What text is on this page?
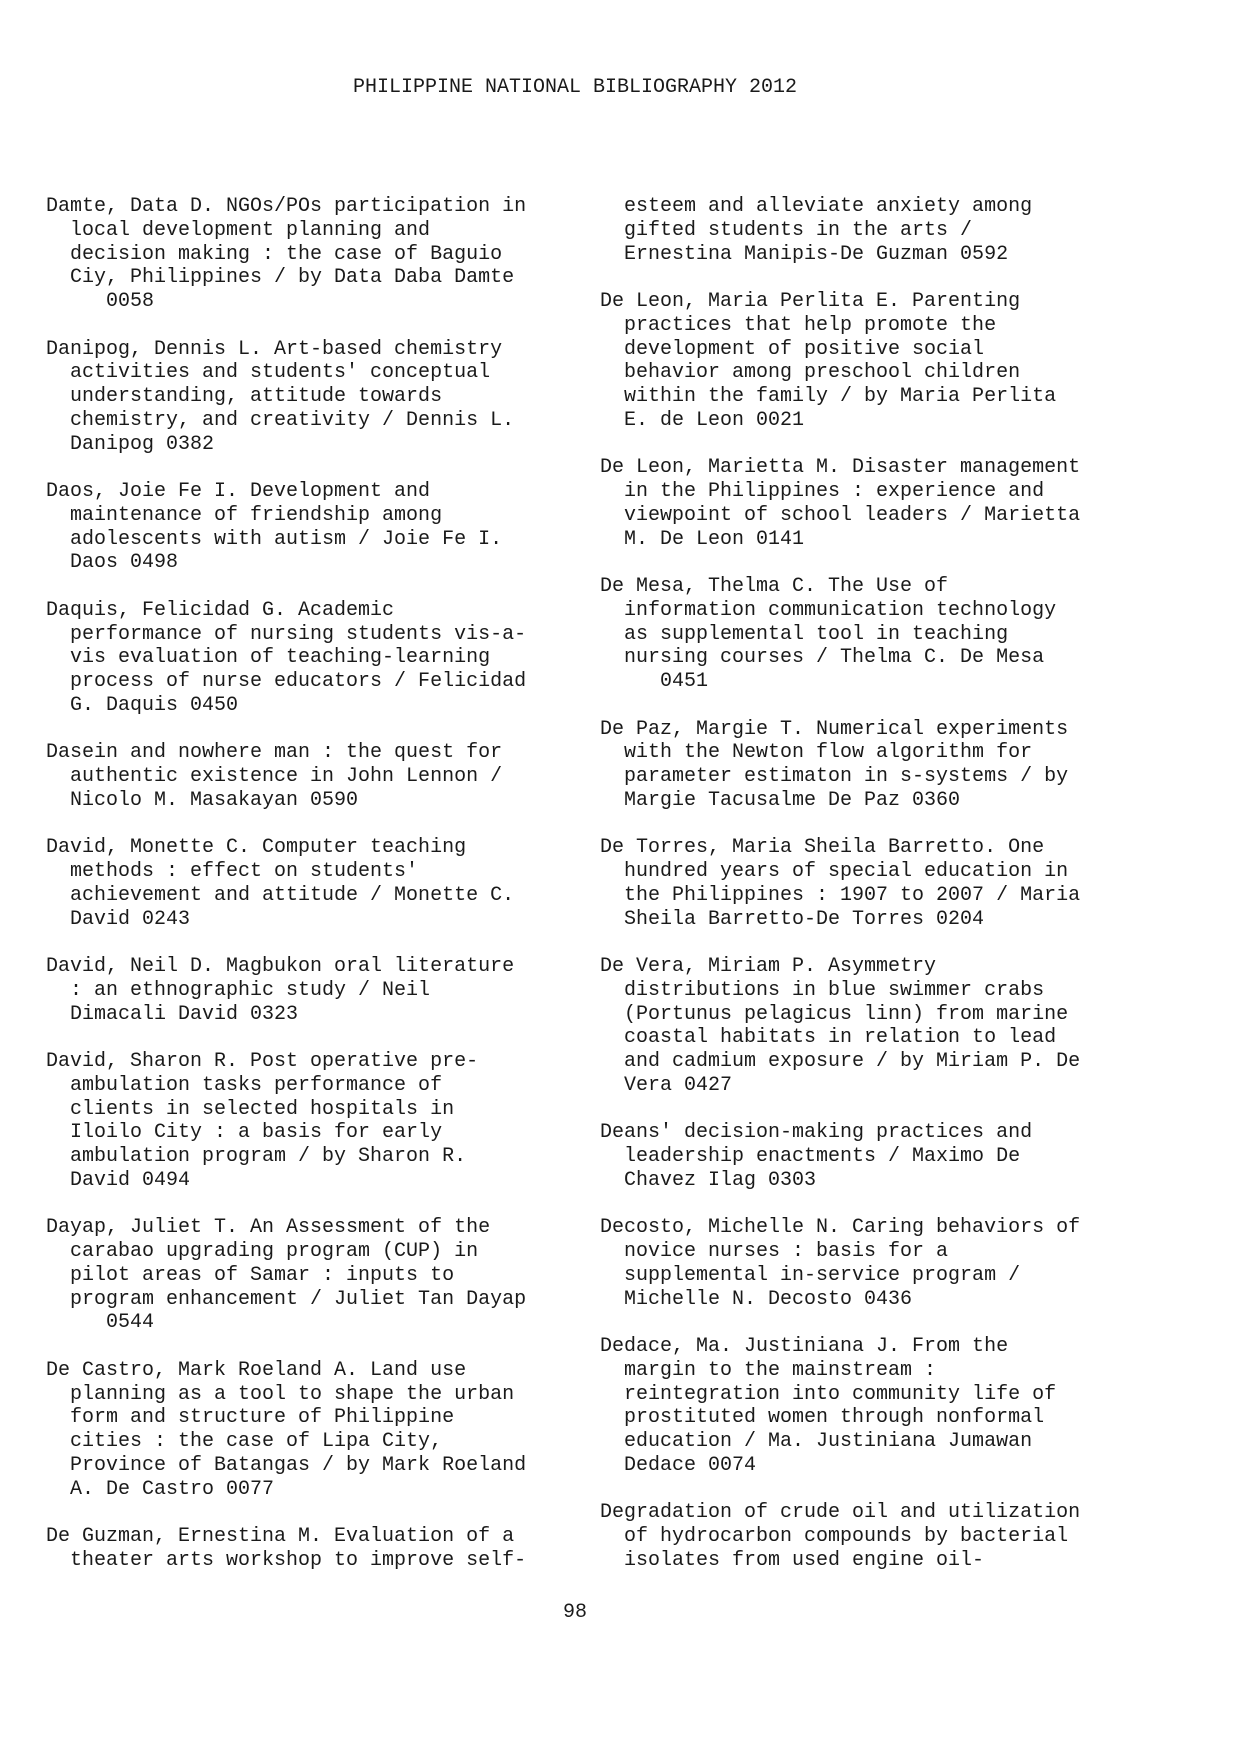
PHILIPPINE NATIONAL BIBLIOGRAPHY 2012
Damte, Data D. NGOs/POs participation in
local development planning and
decision making : the case of Baguio
Ciy, Philippines / by Data Daba Damte
0058
Danipog, Dennis L. Art-based chemistry
activities and students' conceptual
understanding, attitude towards
chemistry, and creativity / Dennis L.
Danipog 0382
Daos, Joie Fe I. Development and
maintenance of friendship among
adolescents with autism / Joie Fe I.
Daos 0498
Daquis, Felicidad G. Academic
performance of nursing students vis-a-
vis evaluation of teaching-learning
process of nurse educators / Felicidad
G. Daquis 0450
Dasein and nowhere man : the quest for
authentic existence in John Lennon /
Nicolo M. Masakayan 0590
David, Monette C. Computer teaching
methods : effect on students'
achievement and attitude / Monette C.
David 0243
David, Neil D. Magbukon oral literature
: an ethnographic study / Neil
Dimacali David 0323
David, Sharon R. Post operative pre-
ambulation tasks performance of
clients in selected hospitals in
Iloilo City : a basis for early
ambulation program / by Sharon R.
David 0494
Dayap, Juliet T. An Assessment of the
carabao upgrading program (CUP) in
pilot areas of Samar : inputs to
program enhancement / Juliet Tan Dayap
0544
De Castro, Mark Roeland A. Land use
planning as a tool to shape the urban
form and structure of Philippine
cities : the case of Lipa City,
Province of Batangas / by Mark Roeland
A. De Castro 0077
De Guzman, Ernestina M. Evaluation of a
theater arts workshop to improve self-
esteem and alleviate anxiety among
gifted students in the arts /
Ernestina Manipis-De Guzman 0592
De Leon, Maria Perlita E. Parenting
practices that help promote the
development of positive social
behavior among preschool children
within the family / by Maria Perlita
E. de Leon 0021
De Leon, Marietta M. Disaster management
in the Philippines : experience and
viewpoint of school leaders / Marietta
M. De Leon 0141
De Mesa, Thelma C. The Use of
information communication technology
as supplemental tool in teaching
nursing courses / Thelma C. De Mesa
0451
De Paz, Margie T. Numerical experiments
with the Newton flow algorithm for
parameter estimaton in s-systems / by
Margie Tacusalme De Paz 0360
De Torres, Maria Sheila Barretto. One
hundred years of special education in
the Philippines : 1907 to 2007 / Maria
Sheila Barretto-De Torres 0204
De Vera, Miriam P. Asymmetry
distributions in blue swimmer crabs
(Portunus pelagicus linn) from marine
coastal habitats in relation to lead
and cadmium exposure / by Miriam P. De
Vera 0427
Deans' decision-making practices and
leadership enactments / Maximo De
Chavez Ilag 0303
Decosto, Michelle N. Caring behaviors of
novice nurses : basis for a
supplemental in-service program /
Michelle N. Decosto 0436
Dedace, Ma. Justiniana J. From the
margin to the mainstream :
reintegration into community life of
prostituted women through nonformal
education / Ma. Justiniana Jumawan
Dedace 0074
Degradation of crude oil and utilization
of hydrocarbon compounds by bacterial
isolates from used engine oil-
98
